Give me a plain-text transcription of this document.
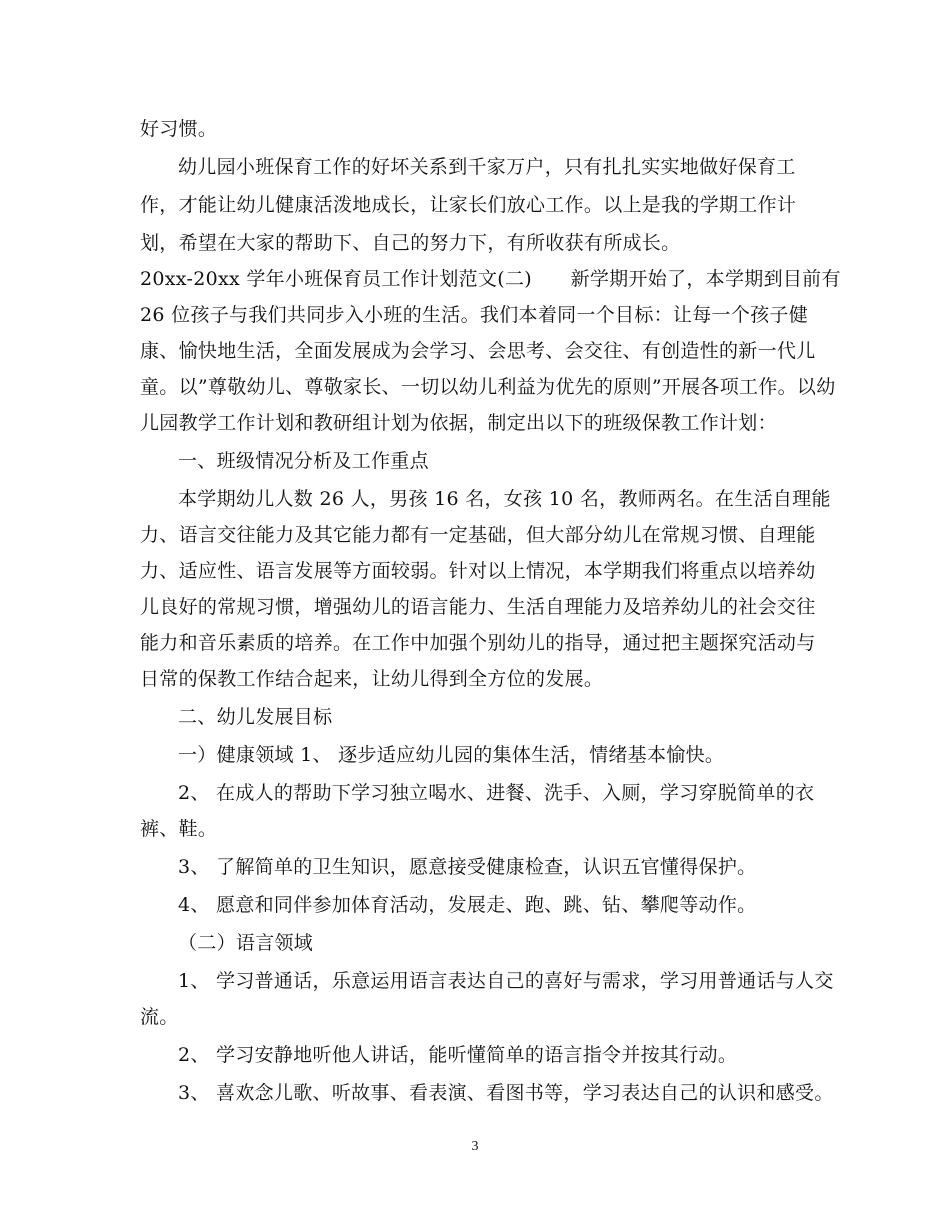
好习惯。
幼儿园小班保育工作的好坏关系到千家万户，只有扎扎实实地做好保育工
作，才能让幼儿健康活泼地成长，让家长们放心工作。以上是我的学期工作计
划，希望在大家的帮助下、自己的努力下，有所收获有所成长。
20xx-20xx 学年小班保育员工作计划范文(二)　　新学期开始了，本学期到目前有
26 位孩子与我们共同步入小班的生活。我们本着同一个目标：让每一个孩子健
康、愉快地生活，全面发展成为会学习、会思考、会交往、有创造性的新一代儿
童。以”尊敬幼儿、尊敬家长、一切以幼儿利益为优先的原则”开展各项工作。以幼
儿园教学工作计划和教研组计划为依据，制定出以下的班级保教工作计划：
一、班级情况分析及工作重点
本学期幼儿人数 26 人，男孩 16 名，女孩 10 名，教师两名。在生活自理能
力、语言交往能力及其它能力都有一定基础，但大部分幼儿在常规习惯、自理能
力、适应性、语言发展等方面较弱。针对以上情况，本学期我们将重点以培养幼
儿良好的常规习惯，增强幼儿的语言能力、生活自理能力及培养幼儿的社会交往
能力和音乐素质的培养。在工作中加强个别幼儿的指导，通过把主题探究活动与
日常的保教工作结合起来，让幼儿得到全方位的发展。
二、幼儿发展目标
一）健康领域 1、 逐步适应幼儿园的集体生活，情绪基本愉快。
2、 在成人的帮助下学习独立喝水、进餐、洗手、入厕，学习穿脱简单的衣
裤、鞋。
3、 了解简单的卫生知识，愿意接受健康检查，认识五官懂得保护。
4、 愿意和同伴参加体育活动，发展走、跑、跳、钻、攀爬等动作。
（二）语言领域
1、 学习普通话，乐意运用语言表达自己的喜好与需求，学习用普通话与人交
流。
2、 学习安静地听他人讲话，能听懂简单的语言指令并按其行动。
3、 喜欢念儿歌、听故事、看表演、看图书等，学习表达自己的认识和感受。
3
